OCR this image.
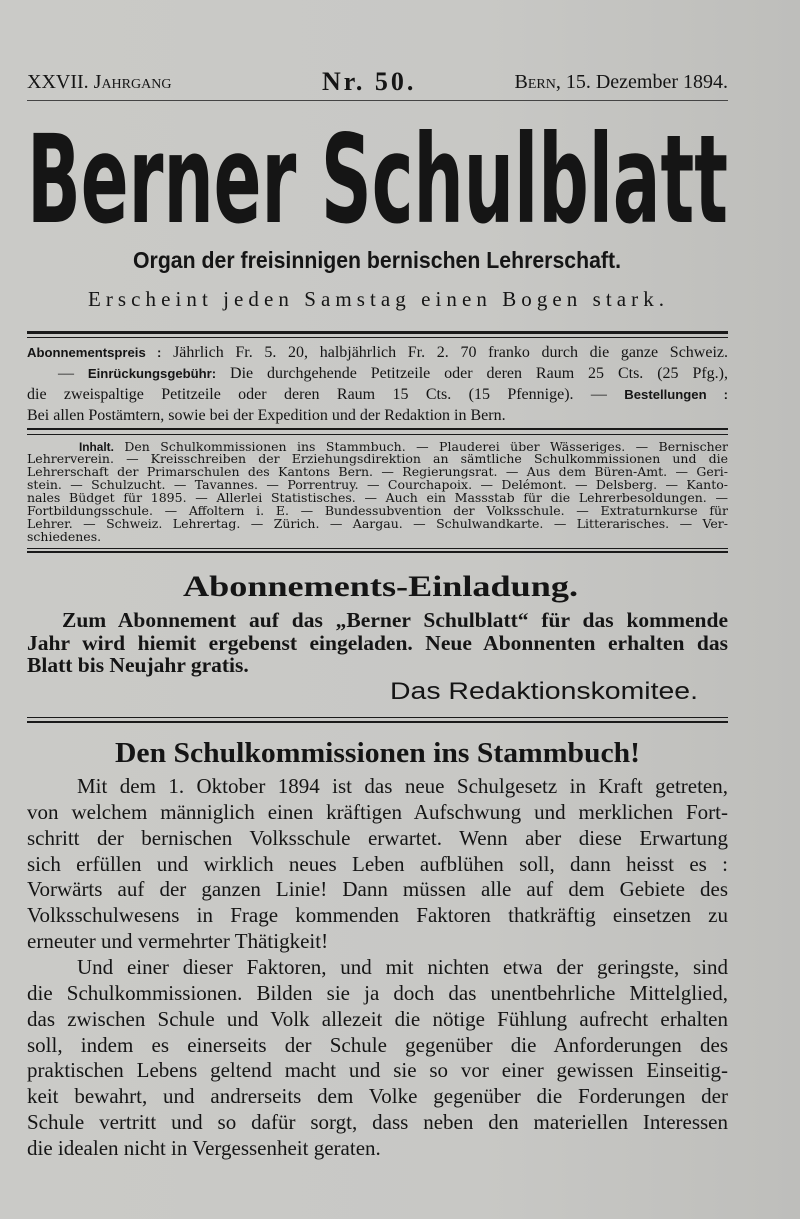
XXVII. Jahrgang	Nr. 50.	Bern, 15. Dezember 1894.
Berner Schulblatt
Organ der freisinnigen bernischen Lehrerschaft.
Erscheint jeden Samstag einen Bogen stark.
Abonnementspreis : Jährlich Fr. 5. 20, halbjährlich Fr. 2. 70 franko durch die ganze Schweiz.
— Einrückungsgebühr: Die durchgehende Petitzeile oder deren Raum 25 Cts. (25 Pfg.),
die zweispaltige Petitzeile oder deren Raum 15 Cts. (15 Pfennige). — Bestellungen :
Bei allen Postämtern, sowie bei der Expedition und der Redaktion in Bern.
Inhalt. Den Schulkommissionen ins Stammbuch. — Plauderei über Wässeriges. — Bernischer
Lehrerverein. — Kreisschreiben der Erziehungsdirektion an sämtliche Schulkommissionen und die
Lehrerschaft der Primarschulen des Kantons Bern. — Regierungsrat. — Aus dem Büren-Amt. — Geri-
stein. — Schulzucht. — Tavannes. — Porrentruy. — Courchapoix. — Delémont. — Delsberg. — Kanto-
nales Büdget für 1895. — Allerlei Statistisches. — Auch ein Massstab für die Lehrerbesoldungen. —
Fortbildungsschule. — Affoltern i. E. — Bundessubvention der Volksschule. — Extraturnkurse für
Lehrer. — Schweiz. Lehrertag. — Zürich. — Aargau. — Schulwandkarte. — Litterarisches. — Ver-
schiedenes.
Abonnements-Einladung.
Zum Abonnement auf das „Berner Schulblatt“ für das kommende
Jahr wird hiemit ergebenst eingeladen. Neue Abonnenten erhalten das
Blatt bis Neujahr gratis.
Das Redaktionskomitee.
Den Schulkommissionen ins Stammbuch!
Mit dem 1. Oktober 1894 ist das neue Schulgesetz in Kraft getreten,
von welchem männiglich einen kräftigen Aufschwung und merklichen Fort-
schritt der bernischen Volksschule erwartet. Wenn aber diese Erwartung
sich erfüllen und wirklich neues Leben aufblühen soll, dann heisst es :
Vorwärts auf der ganzen Linie! Dann müssen alle auf dem Gebiete des
Volksschulwesens in Frage kommenden Faktoren thatkräftig einsetzen zu
erneuter und vermehrter Thätigkeit!
Und einer dieser Faktoren, und mit nichten etwa der geringste, sind
die Schulkommissionen. Bilden sie ja doch das unentbehrliche Mittelglied,
das zwischen Schule und Volk allezeit die nötige Fühlung aufrecht erhalten
soll, indem es einerseits der Schule gegenüber die Anforderungen des
praktischen Lebens geltend macht und sie so vor einer gewissen Einseitig-
keit bewahrt, und andrerseits dem Volke gegenüber die Forderungen der
Schule vertritt und so dafür sorgt, dass neben den materiellen Interessen
die idealen nicht in Vergessenheit geraten.
